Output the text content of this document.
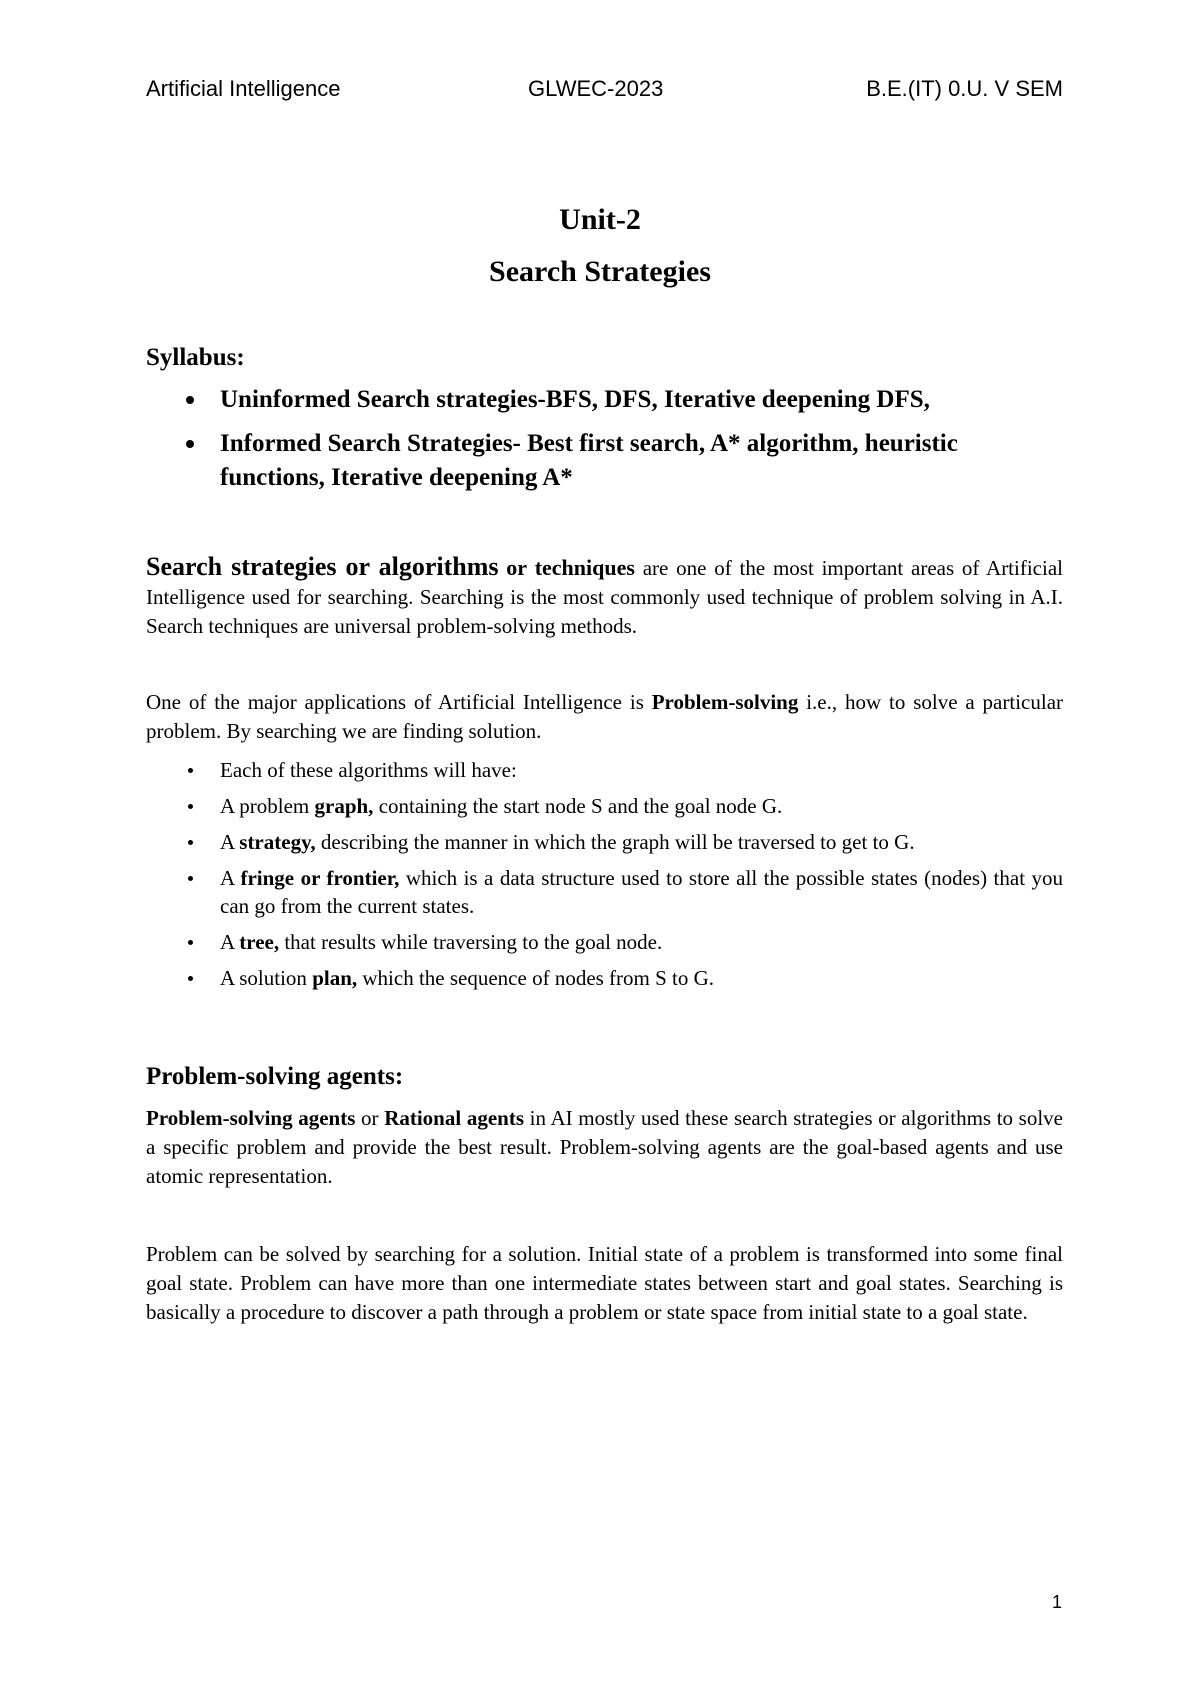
Artificial Intelligence	GLWEC-2023	B.E.(IT) 0.U. V SEM
Unit-2
Search Strategies
Syllabus:
Uninformed Search strategies-BFS, DFS, Iterative deepening DFS,
Informed Search Strategies- Best first search, A* algorithm, heuristic functions, Iterative deepening A*
Search strategies or algorithms or techniques are one of the most important areas of Artificial Intelligence used for searching. Searching is the most commonly used technique of problem solving in A.I. Search techniques are universal problem-solving methods.
One of the major applications of Artificial Intelligence is Problem-solving i.e., how to solve a particular problem. By searching we are finding solution.
Each of these algorithms will have:
A problem graph, containing the start node S and the goal node G.
A strategy, describing the manner in which the graph will be traversed to get to G.
A fringe or frontier, which is a data structure used to store all the possible states (nodes) that you can go from the current states.
A tree, that results while traversing to the goal node.
A solution plan, which the sequence of nodes from S to G.
Problem-solving agents:
Problem-solving agents or Rational agents in AI mostly used these search strategies or algorithms to solve a specific problem and provide the best result. Problem-solving agents are the goal-based agents and use atomic representation.
Problem can be solved by searching for a solution. Initial state of a problem is transformed into some final goal state. Problem can have more than one intermediate states between start and goal states. Searching is basically a procedure to discover a path through a problem or state space from initial state to a goal state.
1
